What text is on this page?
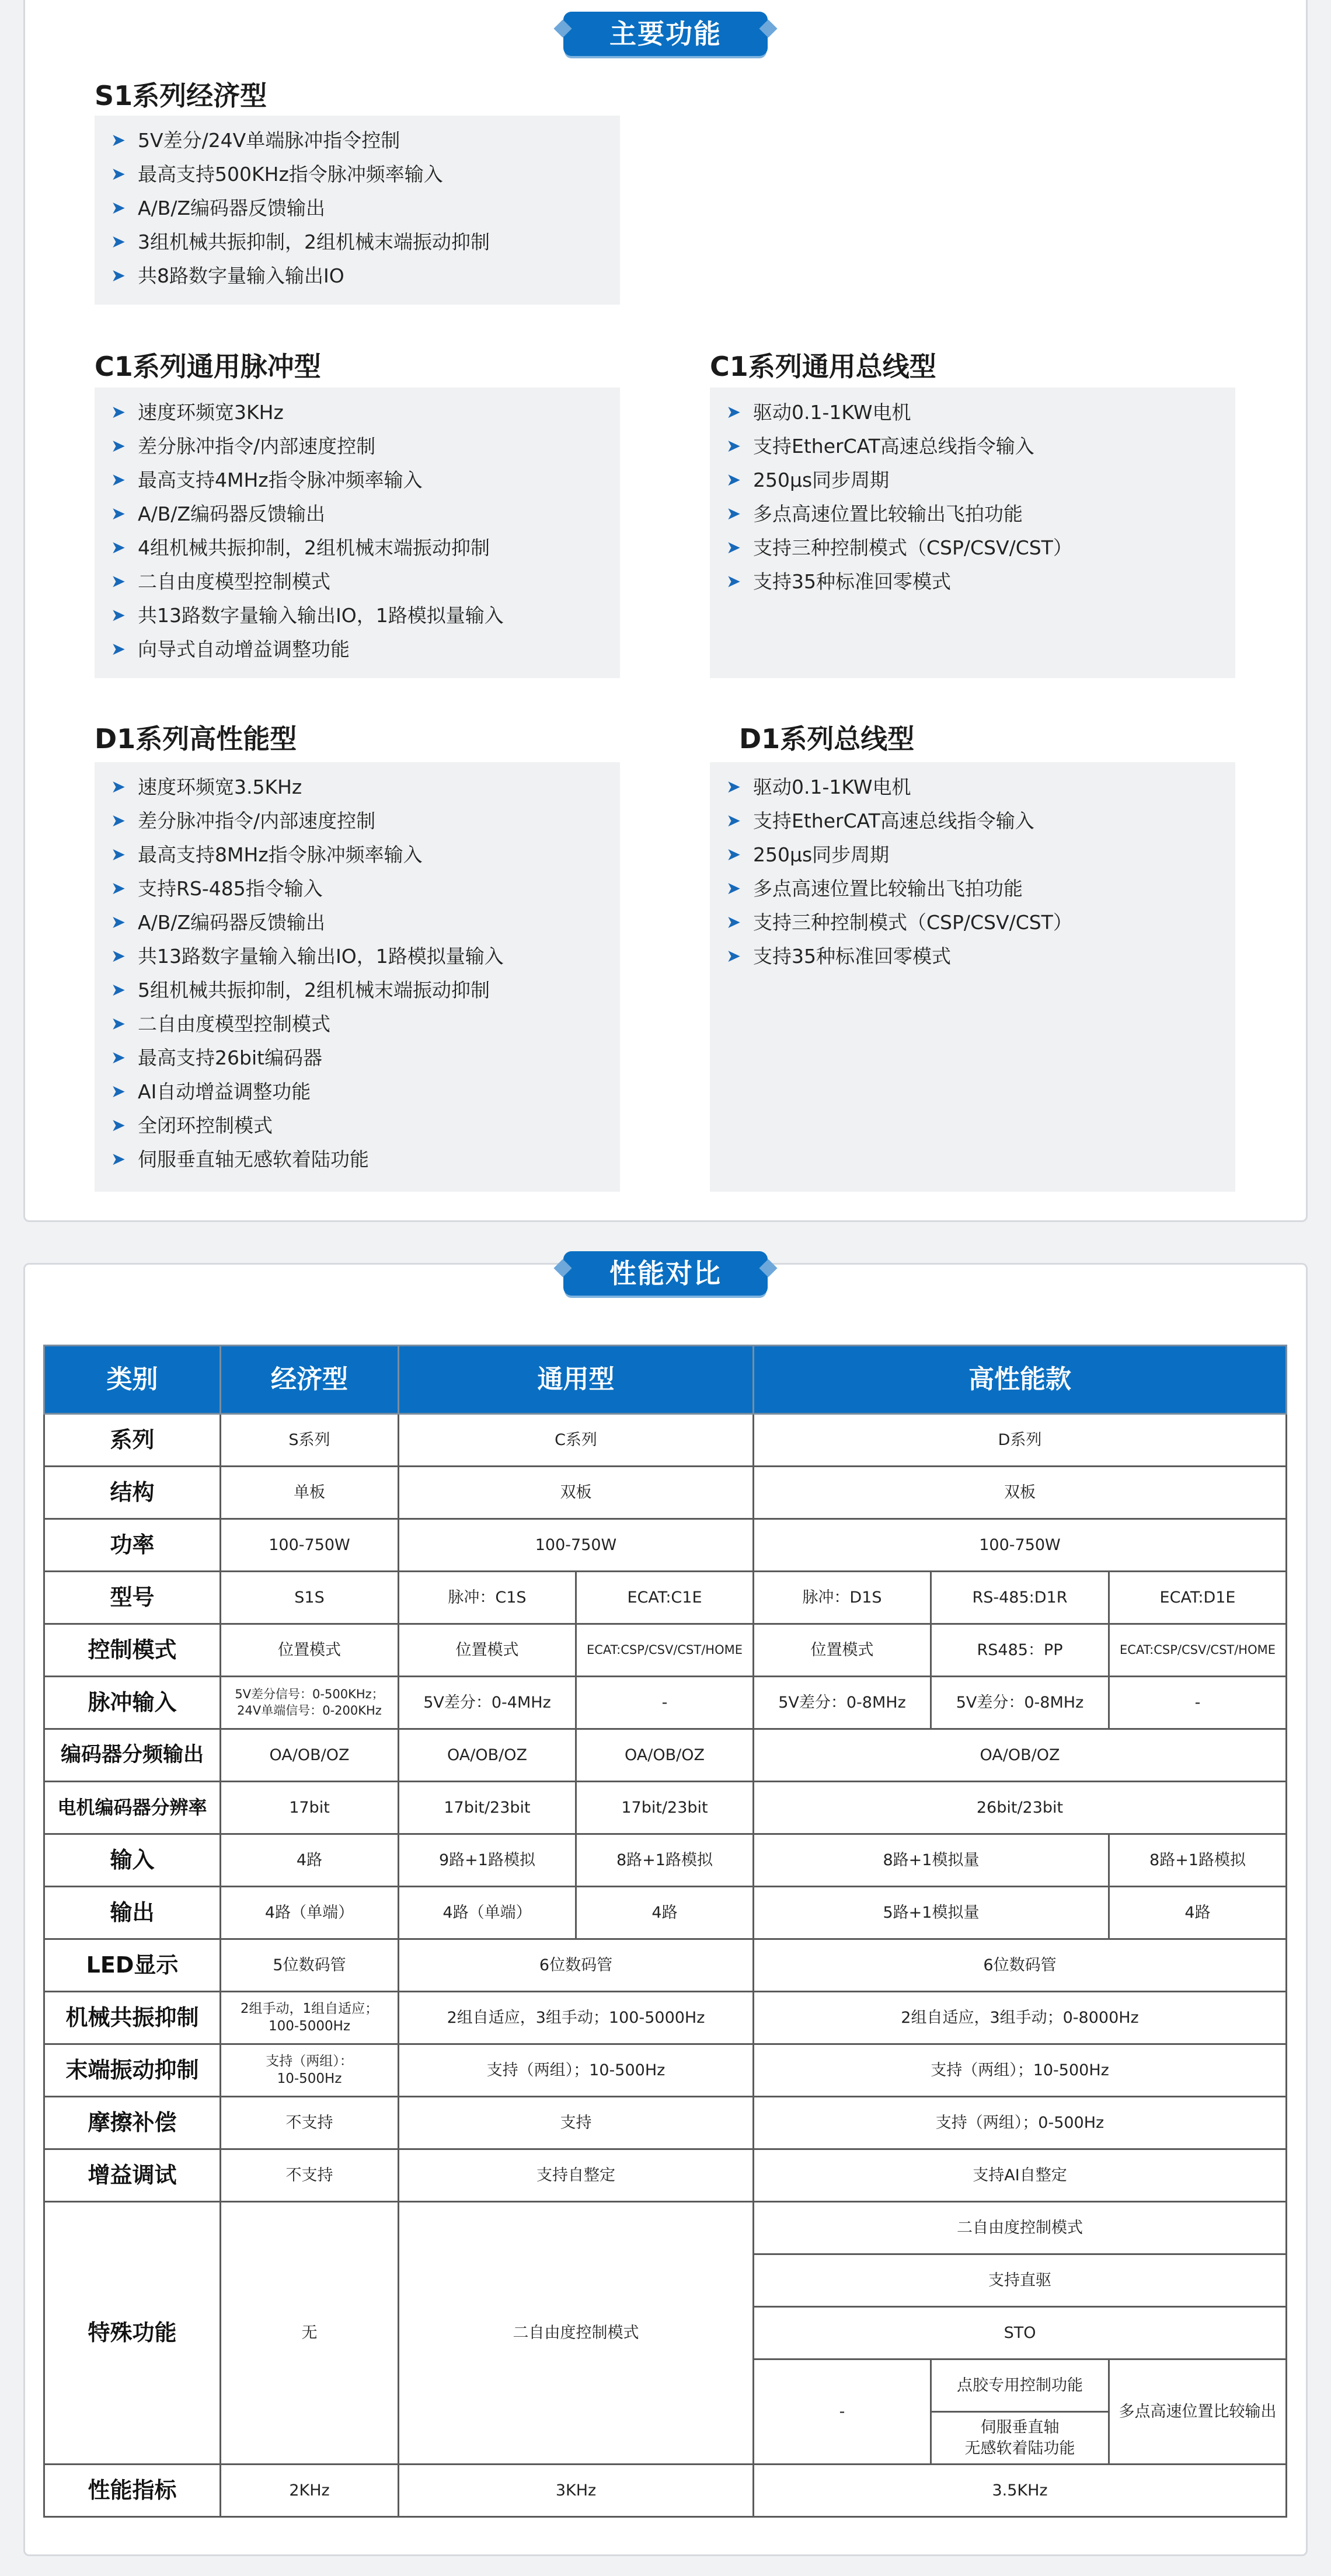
主要功能
S1系列经济型
➤ 5V差分/24V单端脉冲指令控制
➤ 最高支持500KHz指令脉冲频率输入
➤ A/B/Z编码器反馈输出
➤ 3组机械共振抑制，2组机械末端振动抑制
➤ 共8路数字量输入输出IO
C1系列通用脉冲型
➤ 速度环频宽3KHz
➤ 差分脉冲指令/内部速度控制
➤ 最高支持4MHz指令脉冲频率输入
➤ A/B/Z编码器反馈输出
➤ 4组机械共振抑制，2组机械末端振动抑制
➤ 二自由度模型控制模式
➤ 共13路数字量输入输出IO，1路模拟量输入
➤ 向导式自动增益调整功能
C1系列通用总线型
➤ 驱动0.1-1KW电机
➤ 支持EtherCAT高速总线指令输入
➤ 250μs同步周期
➤ 多点高速位置比较输出飞拍功能
➤ 支持三种控制模式（CSP/CSV/CST）
➤ 支持35种标准回零模式
D1系列高性能型
➤ 速度环频宽3.5KHz
➤ 差分脉冲指令/内部速度控制
➤ 最高支持8MHz指令脉冲频率输入
➤ 支持RS-485指令输入
➤ A/B/Z编码器反馈输出
➤ 共13路数字量输入输出IO，1路模拟量输入
➤ 5组机械共振抑制，2组机械末端振动抑制
➤ 二自由度模型控制模式
➤ 最高支持26bit编码器
➤ AI自动增益调整功能
➤ 全闭环控制模式
➤ 伺服垂直轴无感软着陆功能
D1系列总线型
➤ 驱动0.1-1KW电机
➤ 支持EtherCAT高速总线指令输入
➤ 250μs同步周期
➤ 多点高速位置比较输出飞拍功能
➤ 支持三种控制模式（CSP/CSV/CST）
➤ 支持35种标准回零模式
性能对比
类别	经济型	通用型		高性能款		
系列	S系列	C系列		D系列		
结构	单板	双板		双板		
功率	100-750W	100-750W		100-750W		
型号	S1S	脉冲：C1S	ECAT:C1E	脉冲：D1S	RS-485:D1R	ECAT:D1E
控制模式	位置模式	位置模式	ECAT:CSP/CSV/CST/HOME	位置模式	RS485：PP	ECAT:CSP/CSV/CST/HOME
脉冲输入	5V差分信号：0-500KHz；
24V单端信号：0-200KHz	5V差分：0-4MHz	-	5V差分：0-8MHz	5V差分：0-8MHz	-
编码器分频输出	OA/OB/OZ	OA/OB/OZ	OA/OB/OZ	OA/OB/OZ		
电机编码器分辨率	17bit	17bit/23bit	17bit/23bit	26bit/23bit		
输入	4路	9路+1路模拟	8路+1路模拟	8路+1模拟量		8路+1路模拟
输出	4路（单端）	4路（单端）	4路	5路+1模拟量		4路
LED显示	5位数码管	6位数码管		6位数码管		
机械共振抑制	2组手动，1组自适应；
100-5000Hz	2组自适应，3组手动；100-5000Hz		2组自适应，3组手动；0-8000Hz		
末端振动抑制	支持（两组）：
10-500Hz	支持（两组）；10-500Hz		支持（两组）；10-500Hz		
摩擦补偿	不支持	支持		支持（两组）；0-500Hz		
增益调试	不支持	支持自整定		支持AI自整定		
特殊功能	无	二自由度控制模式		二自由度控制模式		
				支持直驱		
				STO		
				-	点胶专用控制功能	多点高速位置比较输出

					伺服垂直轴
无感软着陆功能	

性能指标	2KHz	3KHz		3.5KHz		
